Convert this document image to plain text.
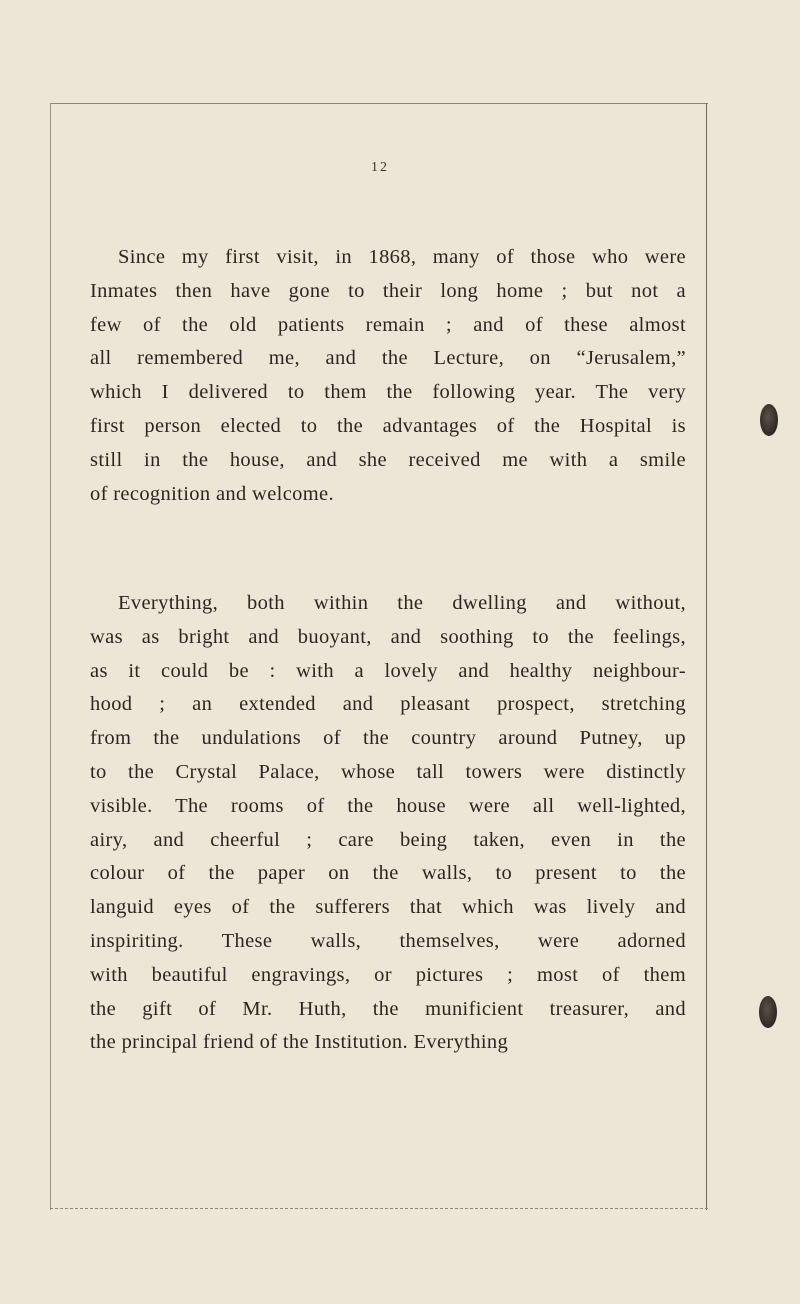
12

Since my first visit, in 1868, many of those who were
Inmates then have gone to their long home ; but not a
few of the old patients remain ; and of these almost
all remembered me, and the Lecture, on “Jerusalem,”
which I delivered to them the following year. The very
first person elected to the advantages of the Hospital is
still in the house, and she received me with a smile
of recognition and welcome.

Everything, both within the dwelling and without,
was as bright and buoyant, and soothing to the feelings,
as it could be : with a lovely and healthy neighbour-
hood ; an extended and pleasant prospect, stretching
from the undulations of the country around Putney, up
to the Crystal Palace, whose tall towers were distinctly
visible. The rooms of the house were all well-lighted,
airy, and cheerful ; care being taken, even in the
colour of the paper on the walls, to present to the
languid eyes of the sufferers that which was lively and
inspiriting. These walls, themselves, were adorned
with beautiful engravings, or pictures ; most of them
the gift of Mr. Huth, the munificient treasurer, and
the principal friend of the Institution. Everything
